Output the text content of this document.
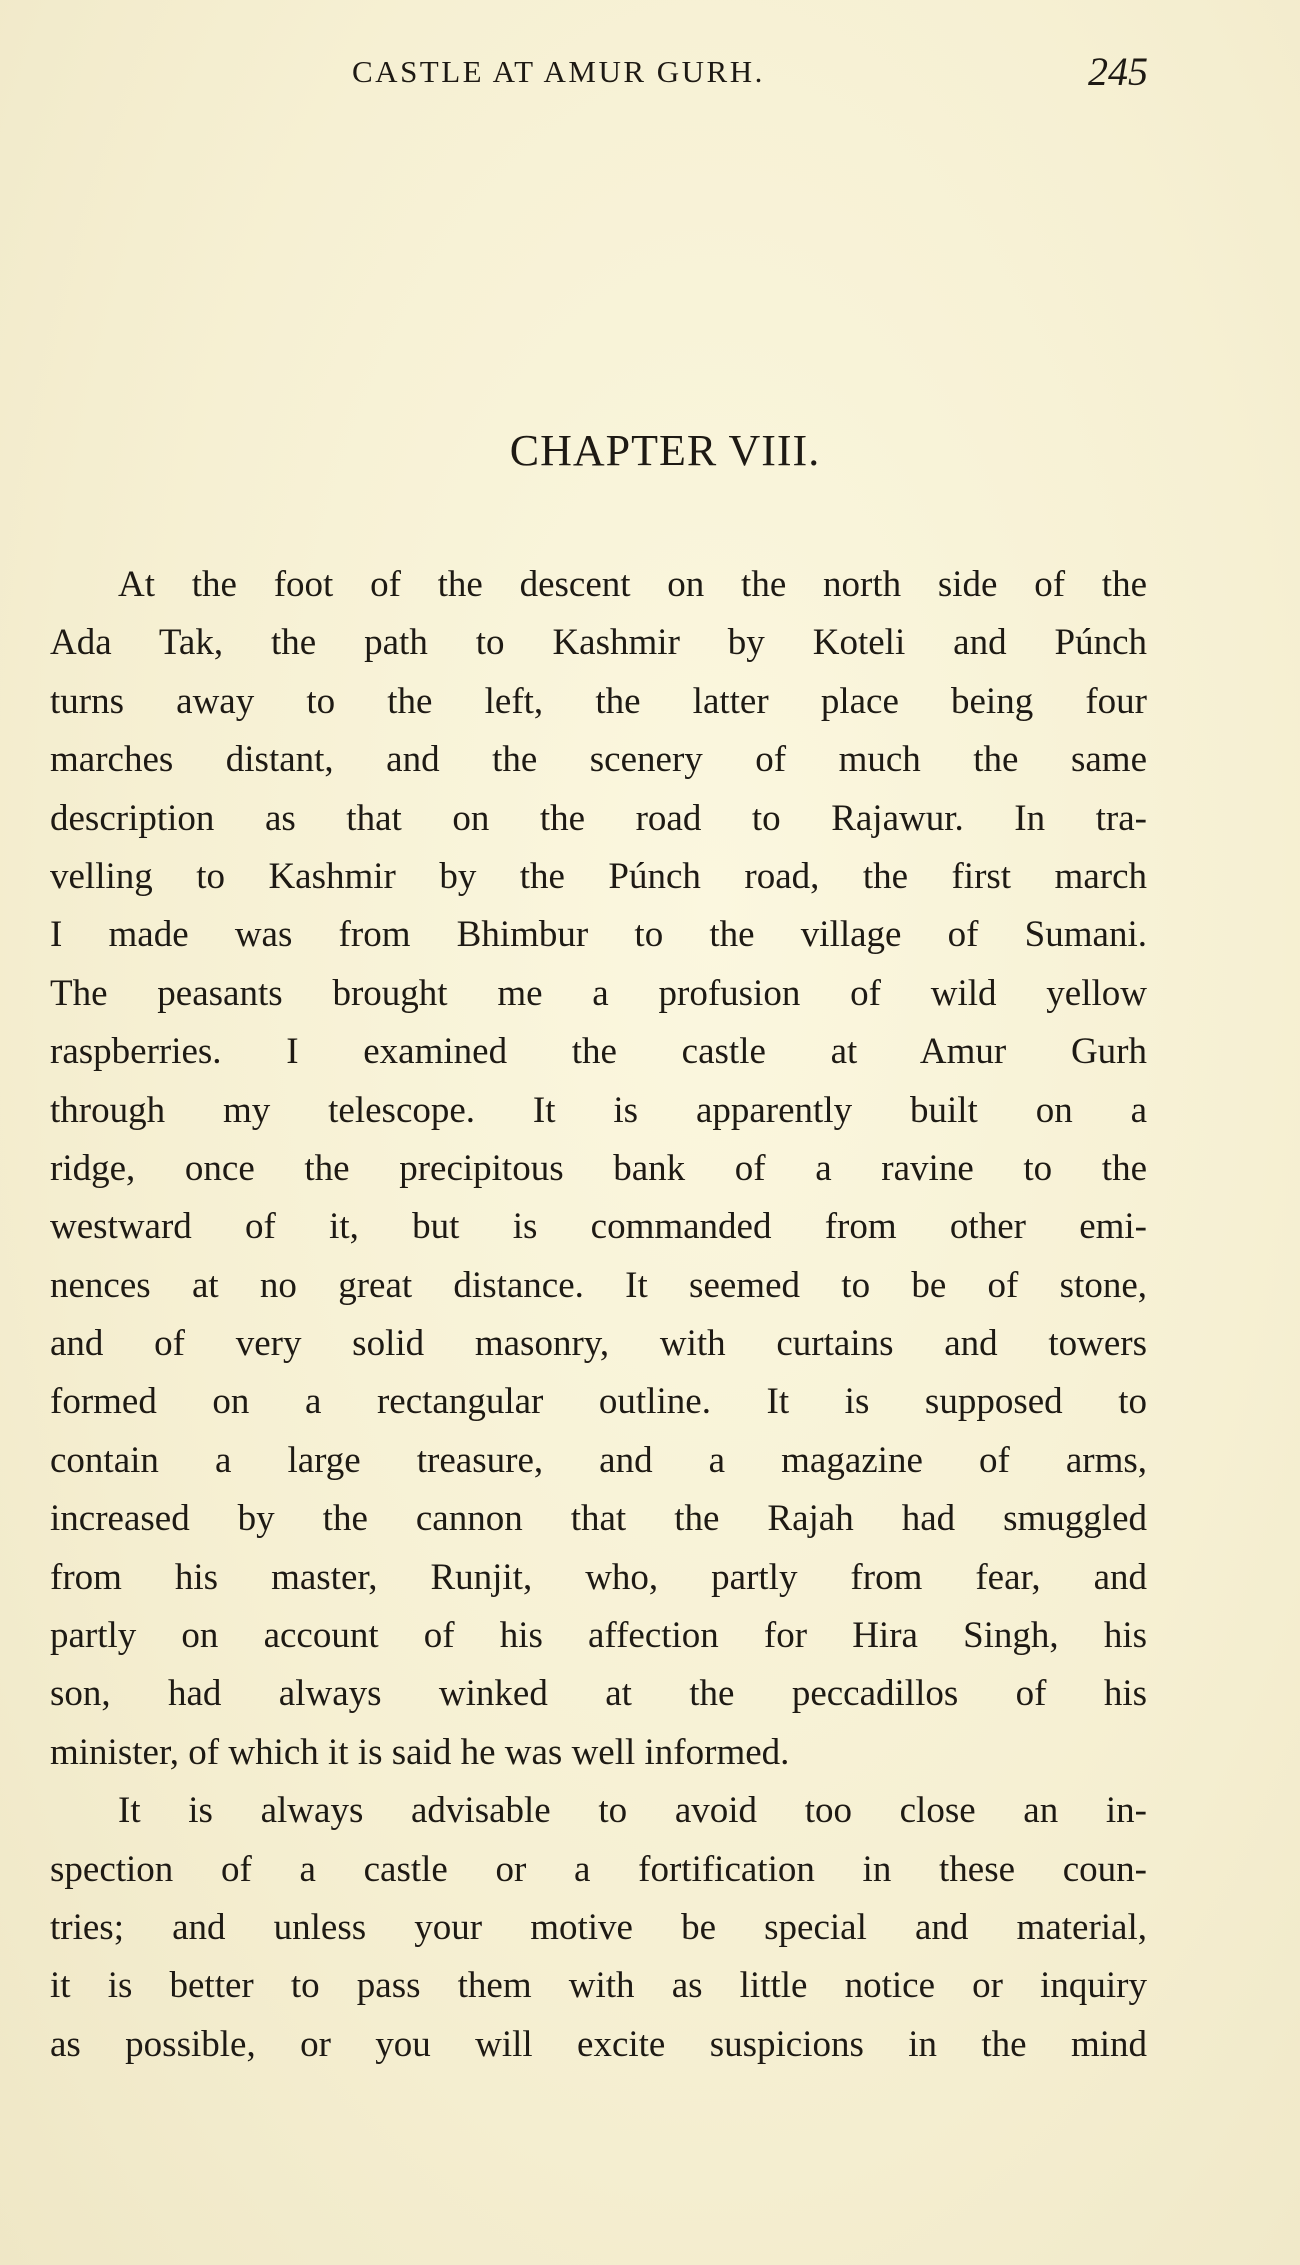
CASTLE AT AMUR GURH.	245
CHAPTER VIII.
At the foot of the descent on the north side of the
Ada Tak, the path to Kashmir by Koteli and Púnch
turns away to the left, the latter place being four
marches distant, and the scenery of much the same
description as that on the road to Rajawur. In tra-
velling to Kashmir by the Púnch road, the first march
I made was from Bhimbur to the village of Sumani.
The peasants brought me a profusion of wild yellow
raspberries. I examined the castle at Amur Gurh
through my telescope. It is apparently built on a
ridge, once the precipitous bank of a ravine to the
westward of it, but is commanded from other emi-
nences at no great distance. It seemed to be of stone,
and of very solid masonry, with curtains and towers
formed on a rectangular outline. It is supposed to
contain a large treasure, and a magazine of arms,
increased by the cannon that the Rajah had smuggled
from his master, Runjit, who, partly from fear, and
partly on account of his affection for Hira Singh, his
son, had always winked at the peccadillos of his
minister, of which it is said he was well informed.
It is always advisable to avoid too close an in-
spection of a castle or a fortification in these coun-
tries; and unless your motive be special and material,
it is better to pass them with as little notice or inquiry
as possible, or you will excite suspicions in the mind
